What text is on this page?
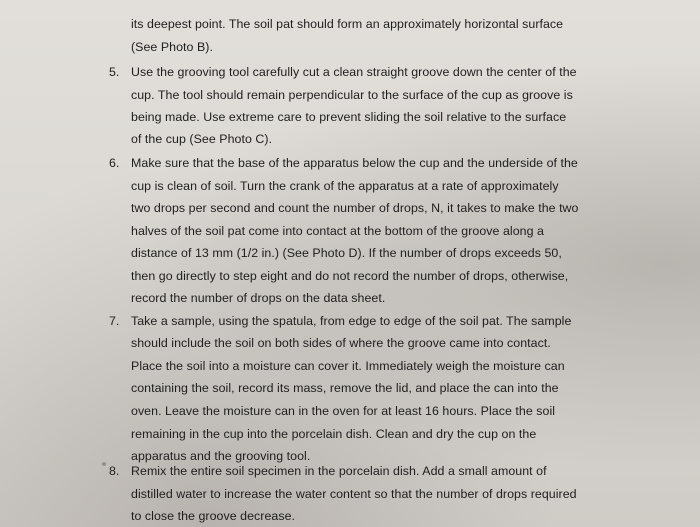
its deepest point. The soil pat should form an approximately horizontal surface
(See Photo B).
5. Use the grooving tool carefully cut a clean straight groove down the center of the
cup. The tool should remain perpendicular to the surface of the cup as groove is
being made. Use extreme care to prevent sliding the soil relative to the surface
of the cup (See Photo C).
6. Make sure that the base of the apparatus below the cup and the underside of the
cup is clean of soil. Turn the crank of the apparatus at a rate of approximately
two drops per second and count the number of drops, N, it takes to make the two
halves of the soil pat come into contact at the bottom of the groove along a
distance of 13 mm (1/2 in.) (See Photo D). If the number of drops exceeds 50,
then go directly to step eight and do not record the number of drops, otherwise,
record the number of drops on the data sheet.
7. Take a sample, using the spatula, from edge to edge of the soil pat. The sample
should include the soil on both sides of where the groove came into contact.
Place the soil into a moisture can cover it. Immediately weigh the moisture can
containing the soil, record its mass, remove the lid, and place the can into the
oven. Leave the moisture can in the oven for at least 16 hours. Place the soil
remaining in the cup into the porcelain dish. Clean and dry the cup on the
apparatus and the grooving tool.
8. Remix the entire soil specimen in the porcelain dish. Add a small amount of
distilled water to increase the water content so that the number of drops required
to close the groove decrease.
